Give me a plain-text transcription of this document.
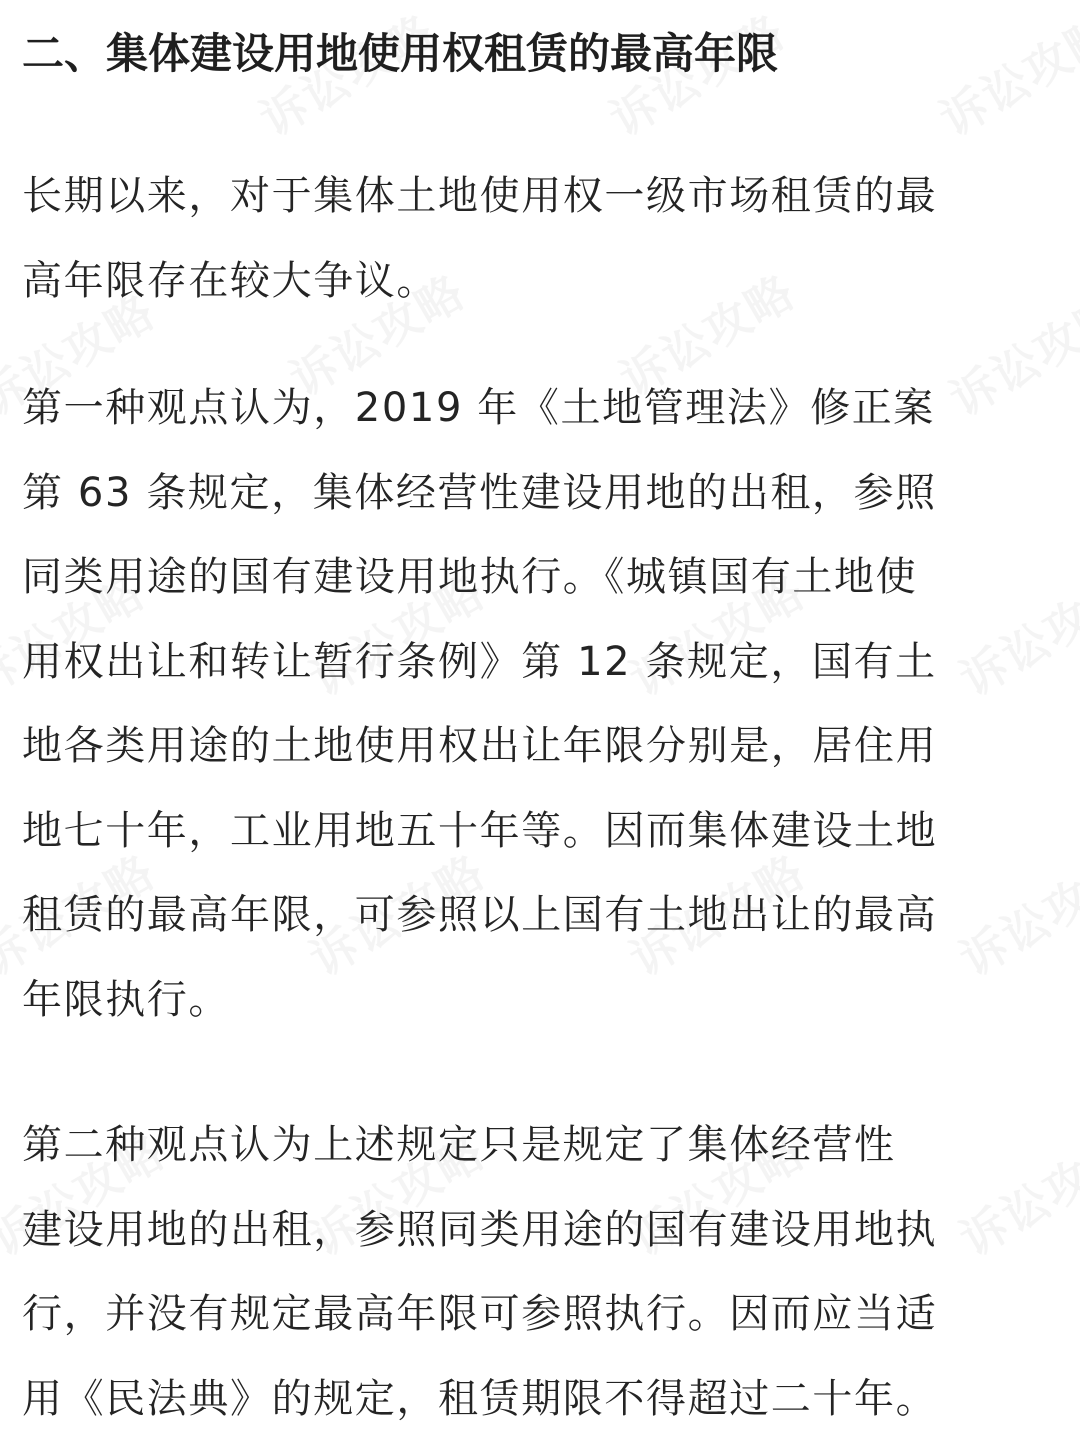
二、集体建设用地使用权租赁的最高年限

长期以来，对于集体土地使用权一级市场租赁的最
高年限存在较大争议。

第一种观点认为，2019 年《土地管理法》修正案
第 63 条规定，集体经营性建设用地的出租，参照
同类用途的国有建设用地执行。《城镇国有土地使
用权出让和转让暂行条例》第 12 条规定，国有土
地各类用途的土地使用权出让年限分别是，居住用
地七十年，工业用地五十年等。因而集体建设土地
租赁的最高年限，可参照以上国有土地出让的最高
年限执行。

第二种观点认为上述规定只是规定了集体经营性
建设用地的出租，参照同类用途的国有建设用地执
行，并没有规定最高年限可参照执行。因而应当适
用《民法典》的规定，租赁期限不得超过二十年。
